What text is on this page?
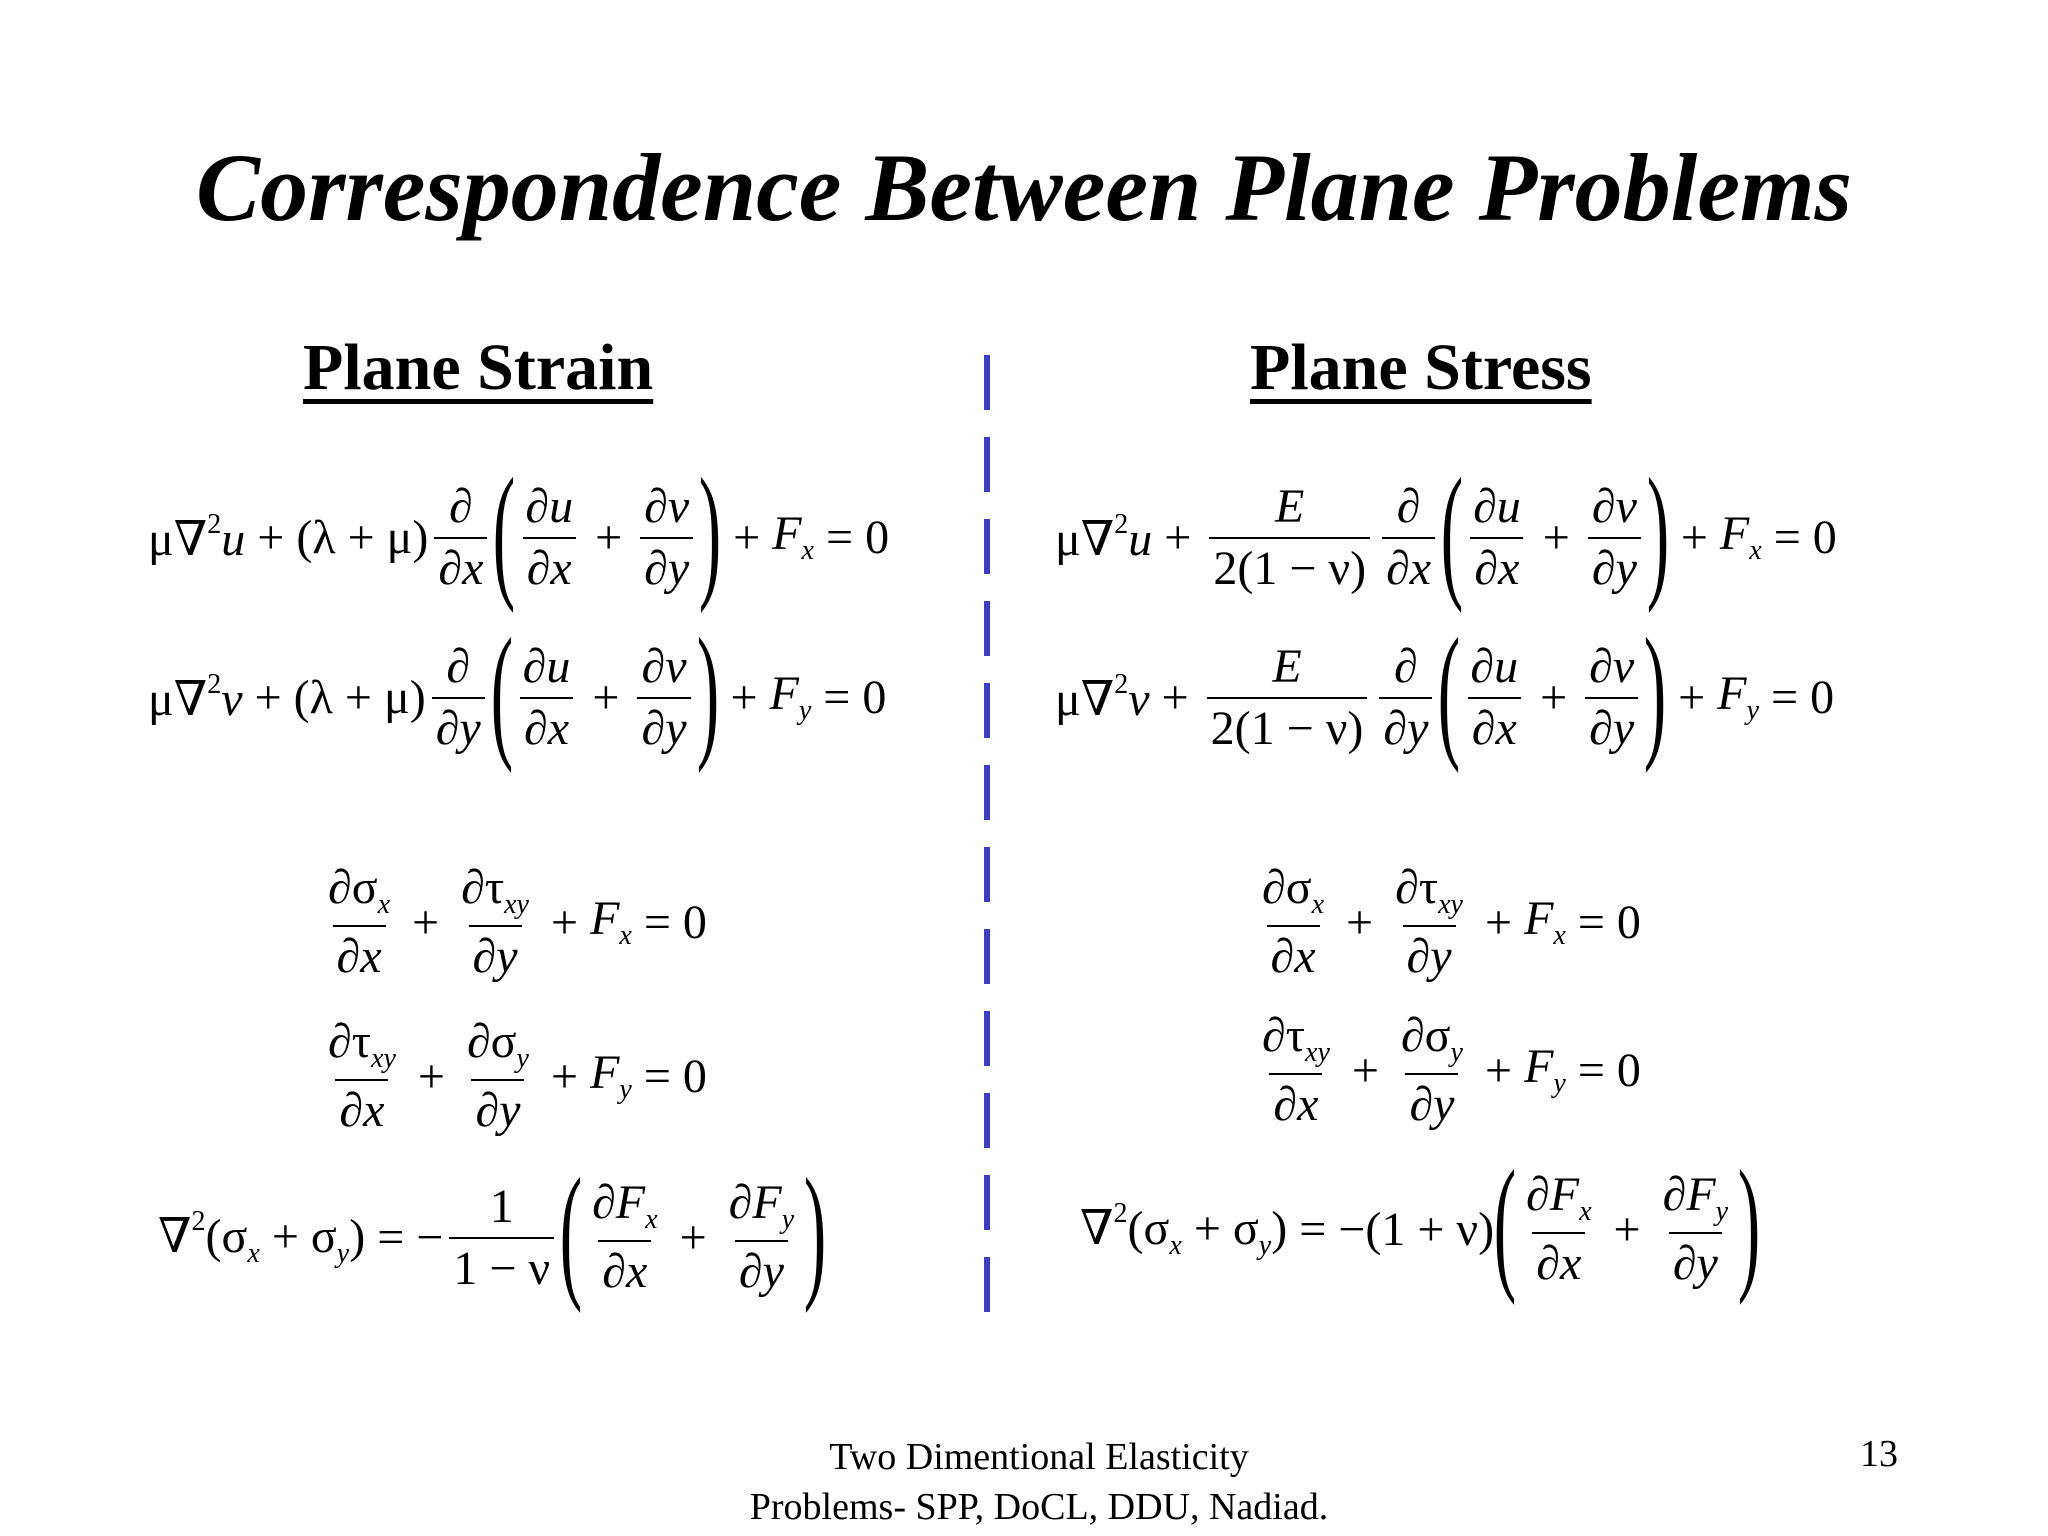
Correspondence Between Plane Problems
Plane Strain	Plane Stress
$\mu\nabla^2u + (\lambda + \mu) \frac{\partial}{\partial x}$ ( $\frac{\partial u}{\partial x} + \frac{\partial v}{\partial y}$ ) + $F_x = 0$
$\mu\nabla^2v + (\lambda + \mu) \frac{\partial}{\partial y}$ ( $\frac{\partial u}{\partial x} + \frac{\partial v}{\partial y}$ ) + $F_y = 0$
$\frac{\partial\sigma_x}{\partial x} + \frac{\partial\tau_{xy}}{\partial y} + F_x = 0$
$\frac{\partial\tau_{xy}}{\partial x} + \frac{\partial\sigma_y}{\partial y} + F_y = 0$
$\nabla^2(\sigma_x + \sigma_y)$ = − $\frac{1}{1 - \nu}$ ( $\frac{\partial F_x}{\partial x} + \frac{\partial F_y}{\partial y}$ )
$\mu\nabla^2u + \frac{E}{2(1 - \nu)} \frac{\partial}{\partial x}$ ( $\frac{\partial u}{\partial x} + \frac{\partial v}{\partial y}$ ) + $F_x = 0$
$\mu\nabla^2v + \frac{E}{2(1 - \nu)} \frac{\partial}{\partial y}$ ( $\frac{\partial u}{\partial x} + \frac{\partial v}{\partial y}$ ) + $F_y = 0$
$\frac{\partial\sigma_x}{\partial x} + \frac{\partial\tau_{xy}}{\partial y} + F_x = 0$
$\frac{\partial\tau_{xy}}{\partial x} + \frac{\partial\sigma_y}{\partial y} + F_y = 0$
$\nabla^2(\sigma_x + \sigma_y) = -(1 + \nu)$ ( $\frac{\partial F_x}{\partial x} + \frac{\partial F_y}{\partial y}$ )
Two Dimentional Elasticity
Problems- SPP, DoCL, DDU, Nadiad.
13
